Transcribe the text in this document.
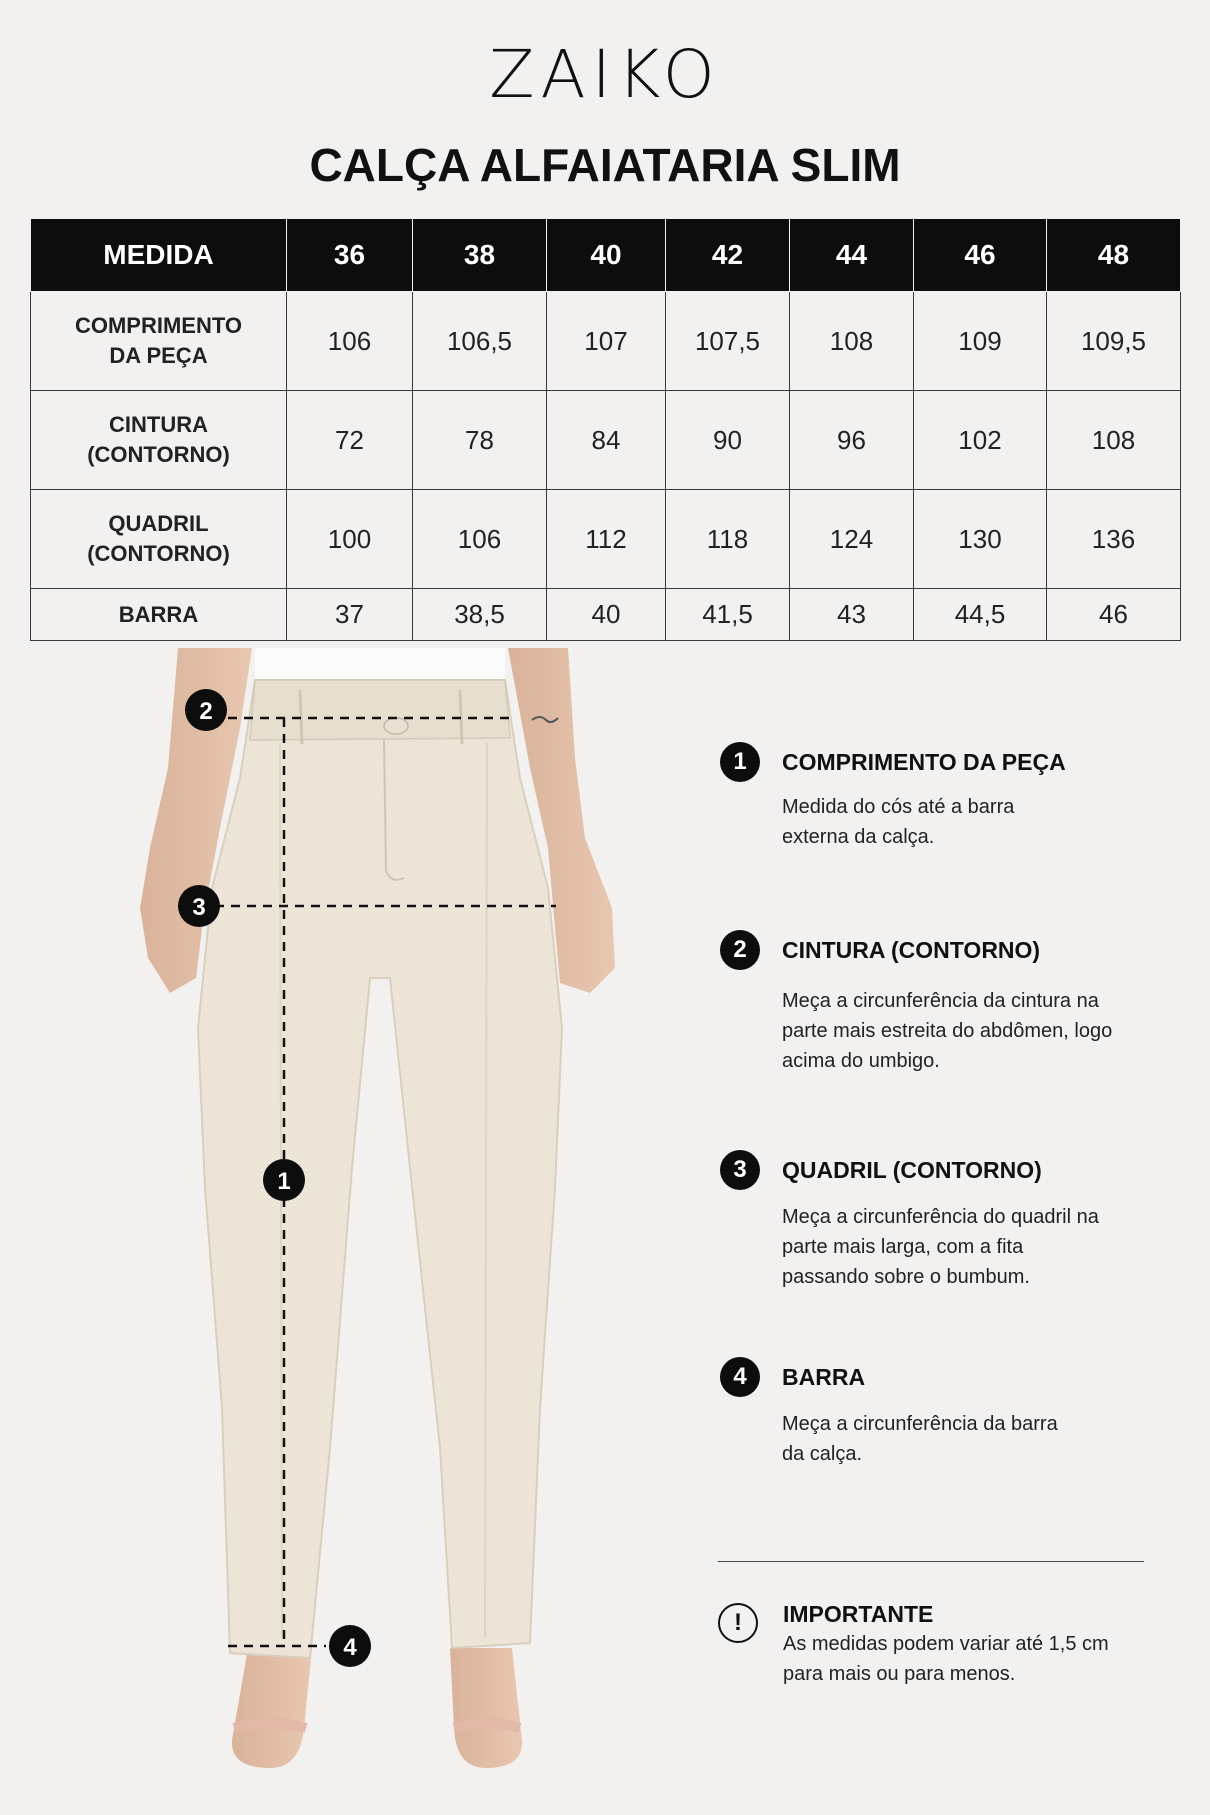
ZAIKO
CALÇA ALFAIATARIA SLIM
MEDIDA	36	38	40	42	44	46	48

COMPRIMENTO
DA PEÇA	106	106,5	107	107,5	108	109	109,5

CINTURA
(CONTORNO)	72	78	84	90	96	102	108

QUADRIL
(CONTORNO)	100	106	112	118	124	130	136

BARRA	37	38,5	40	41,5	43	44,5	46
2
3
1
4
1	COMPRIMENTO DA PEÇA
Medida do cós até a barra externa da calça.
2	CINTURA (CONTORNO)
Meça a circunferência da cintura na parte mais estreita do abdômen, logo acima do umbigo.
3	QUADRIL (CONTORNO)
Meça a circunferência do quadril na parte mais larga, com a fita passando sobre o bumbum.
4	BARRA
Meça a circunferência da barra da calça.
!	IMPORTANTE
As medidas podem variar até 1,5 cm para mais ou para menos.
